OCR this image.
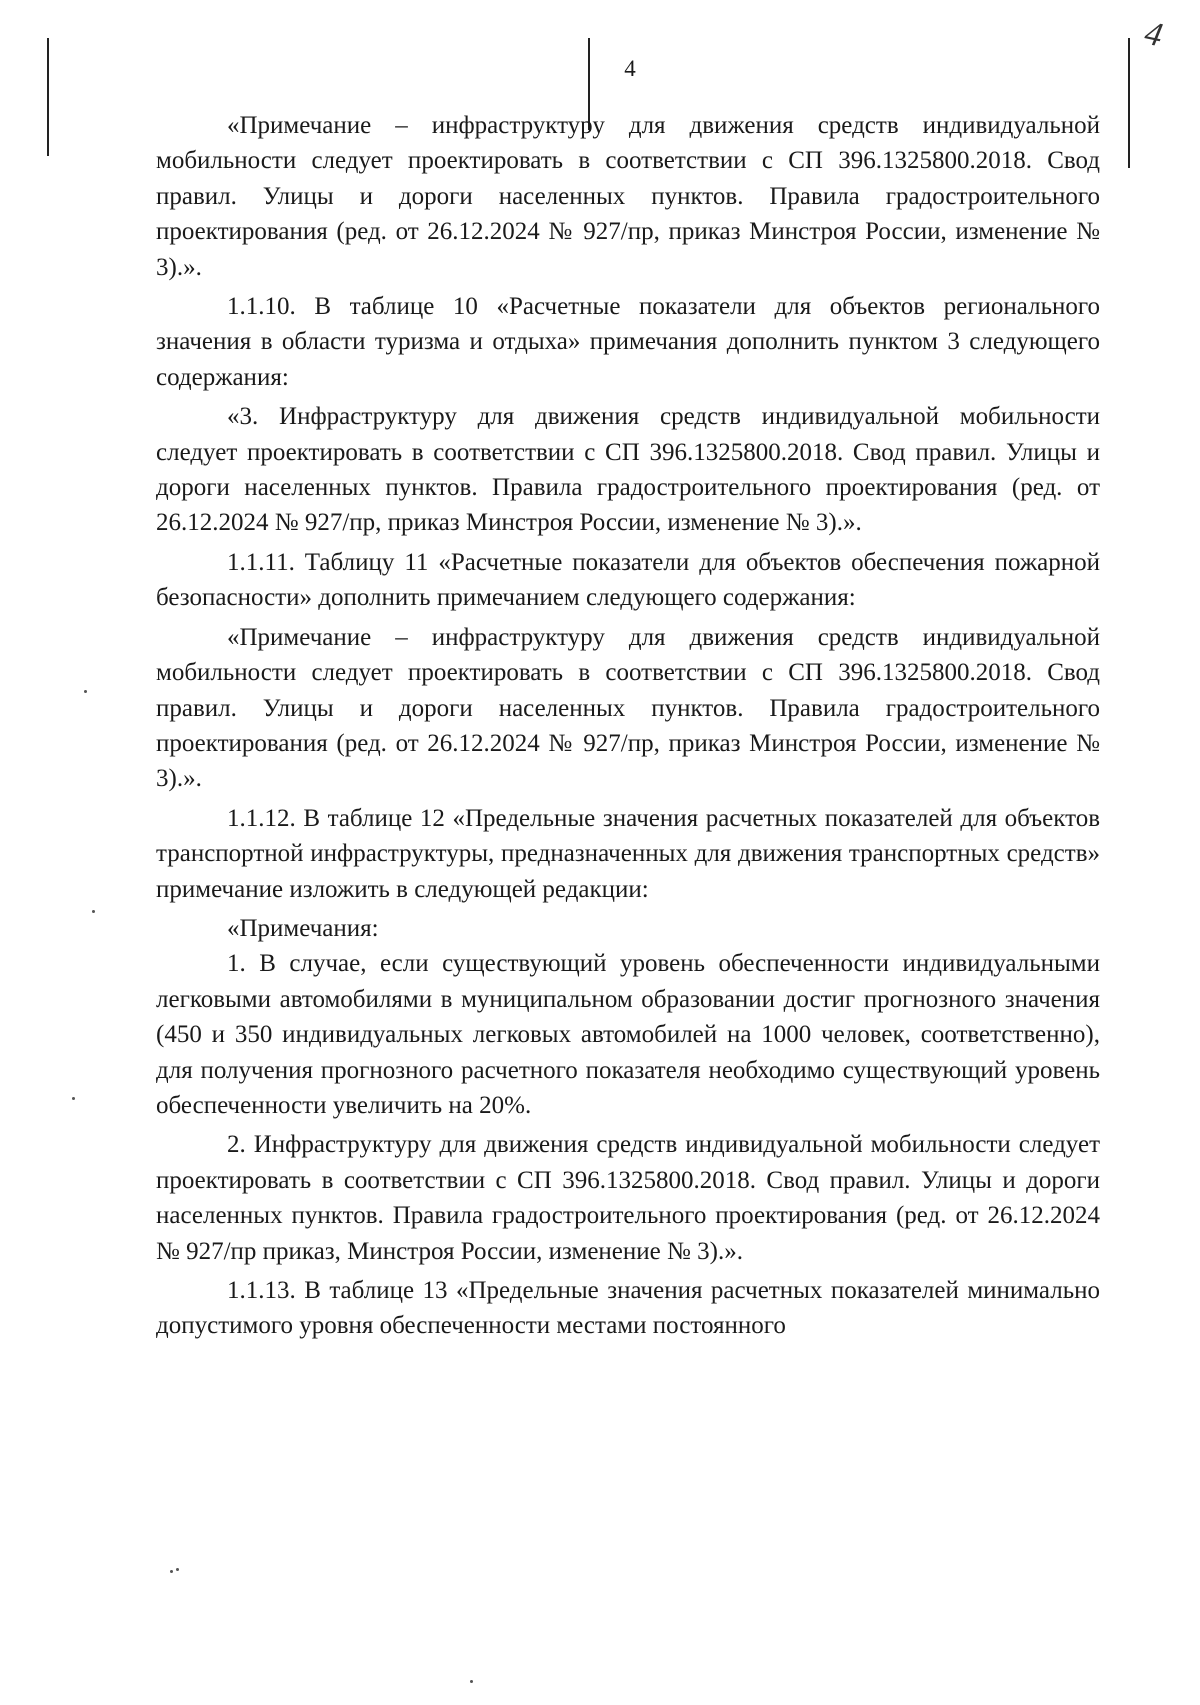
4
4

«Примечание – инфраструктуру для движения средств индивидуальной мобильности следует проектировать в соответствии с СП 396.1325800.2018. Свод правил. Улицы и дороги населенных пунктов. Правила градостроительного проектирования (ред. от 26.12.2024 № 927/пр, приказ Минстроя России, изменение № 3).».

1.1.10. В таблице 10 «Расчетные показатели для объектов регионального значения в области туризма и отдыха» примечания дополнить пунктом 3 следующего содержания:

«3. Инфраструктуру для движения средств индивидуальной мобильности следует проектировать в соответствии с СП 396.1325800.2018. Свод правил. Улицы и дороги населенных пунктов. Правила градостроительного проектирования (ред. от 26.12.2024 № 927/пр, приказ Минстроя России, изменение № 3).».

1.1.11. Таблицу 11 «Расчетные показатели для объектов обеспечения пожарной безопасности» дополнить примечанием следующего содержания:

«Примечание – инфраструктуру для движения средств индивидуальной мобильности следует проектировать в соответствии с СП 396.1325800.2018. Свод правил. Улицы и дороги населенных пунктов. Правила градостроительного проектирования (ред. от 26.12.2024 № 927/пр, приказ Минстроя России, изменение № 3).».

1.1.12. В таблице 12 «Предельные значения расчетных показателей для объектов транспортной инфраструктуры, предназначенных для движения транспортных средств» примечание изложить в следующей редакции:

«Примечания:

1. В случае, если существующий уровень обеспеченности индивидуальными легковыми автомобилями в муниципальном образовании достиг прогнозного значения (450 и 350 индивидуальных легковых автомобилей на 1000 человек, соответственно), для получения прогнозного расчетного показателя необходимо существующий уровень обеспеченности увеличить на 20%.

2. Инфраструктуру для движения средств индивидуальной мобильности следует проектировать в соответствии с СП 396.1325800.2018. Свод правил. Улицы и дороги населенных пунктов. Правила градостроительного проектирования (ред. от 26.12.2024 № 927/пр приказ, Минстроя России, изменение № 3).».

1.1.13. В таблице 13 «Предельные значения расчетных показателей минимально допустимого уровня обеспеченности местами постоянного
